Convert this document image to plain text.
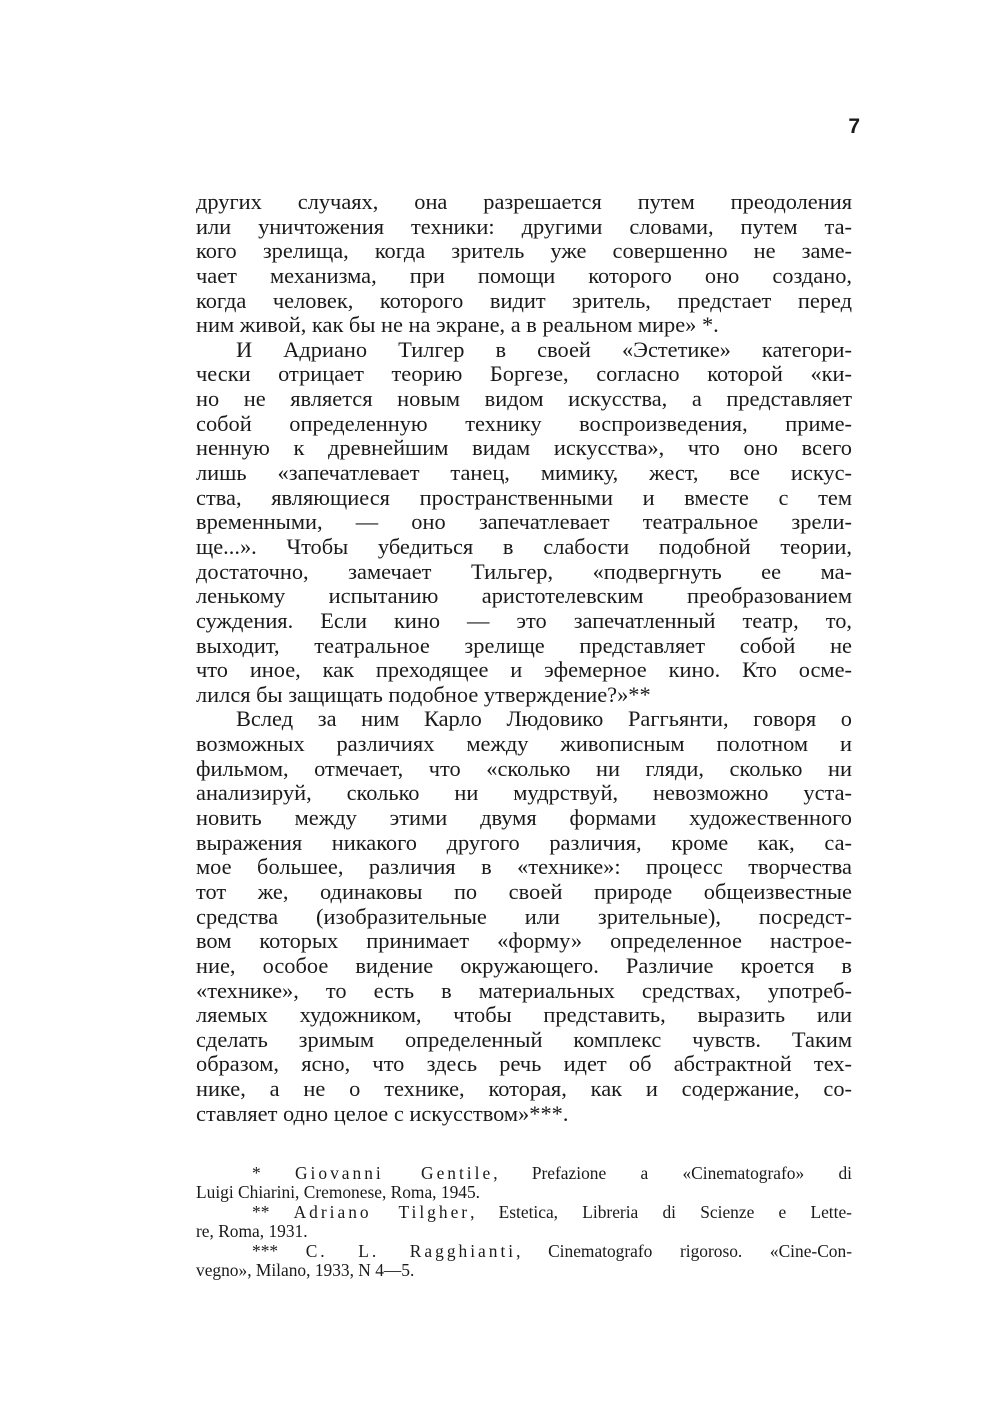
7
других случаях, она разрешается путем преодоления
или уничтожения техники: другими словами, путем та-
кого зрелища, когда зритель уже совершенно не заме-
чает механизма, при помощи которого оно создано,
когда человек, которого видит зритель, предстает перед
ним живой, как бы не на экране, а в реальном мире» *.
И Адриано Тилгер в своей «Эстетике» категори-
чески отрицает теорию Боргезе, согласно которой «ки-
но не является новым видом искусства, а представляет
собой определенную технику воспроизведения, приме-
ненную к древнейшим видам искусства», что оно всего
лишь «запечатлевает танец, мимику, жест, все искус-
ства, являющиеся пространственными и вместе с тем
временными, — оно запечатлевает театральное зрели-
ще...». Чтобы убедиться в слабости подобной теории,
достаточно, замечает Тильгер, «подвергнуть ее ма-
ленькому испытанию аристотелевским преобразованием
суждения. Если кино — это запечатленный театр, то,
выходит, театральное зрелище представляет собой не
что иное, как преходящее и эфемерное кино. Кто осме-
лился бы защищать подобное утверждение?»**
Вслед за ним Карло Людовико Раггьянти, говоря о
возможных различиях между живописным полотном и
фильмом, отмечает, что «сколько ни гляди, сколько ни
анализируй, сколько ни мудрствуй, невозможно уста-
новить между этими двумя формами художественного
выражения никакого другого различия, кроме как, са-
мое большее, различия в «технике»: процесс творчества
тот же, одинаковы по своей природе общеизвестные
средства (изобразительные или зрительные), посредст-
вом которых принимает «форму» определенное настрое-
ние, особое видение окружающего. Различие кроется в
«технике», то есть в материальных средствах, употреб-
ляемых художником, чтобы представить, выразить или
сделать зримым определенный комплекс чувств. Таким
образом, ясно, что здесь речь идет об абстрактной тех-
нике, а не о технике, которая, как и содержание, со-
ставляет одно целое с искусством»***.
* Giovanni Gentile, Prefazione a «Cinematografo» di
Luigi Chiarini, Cremonese, Roma, 1945.
** Adriano Tilgher, Estetica, Libreria di Scienze e Lette-
re, Roma, 1931.
*** C. L. Ragghianti, Cinematografo rigoroso. «Cine-Con-
vegno», Milano, 1933, N 4—5.
